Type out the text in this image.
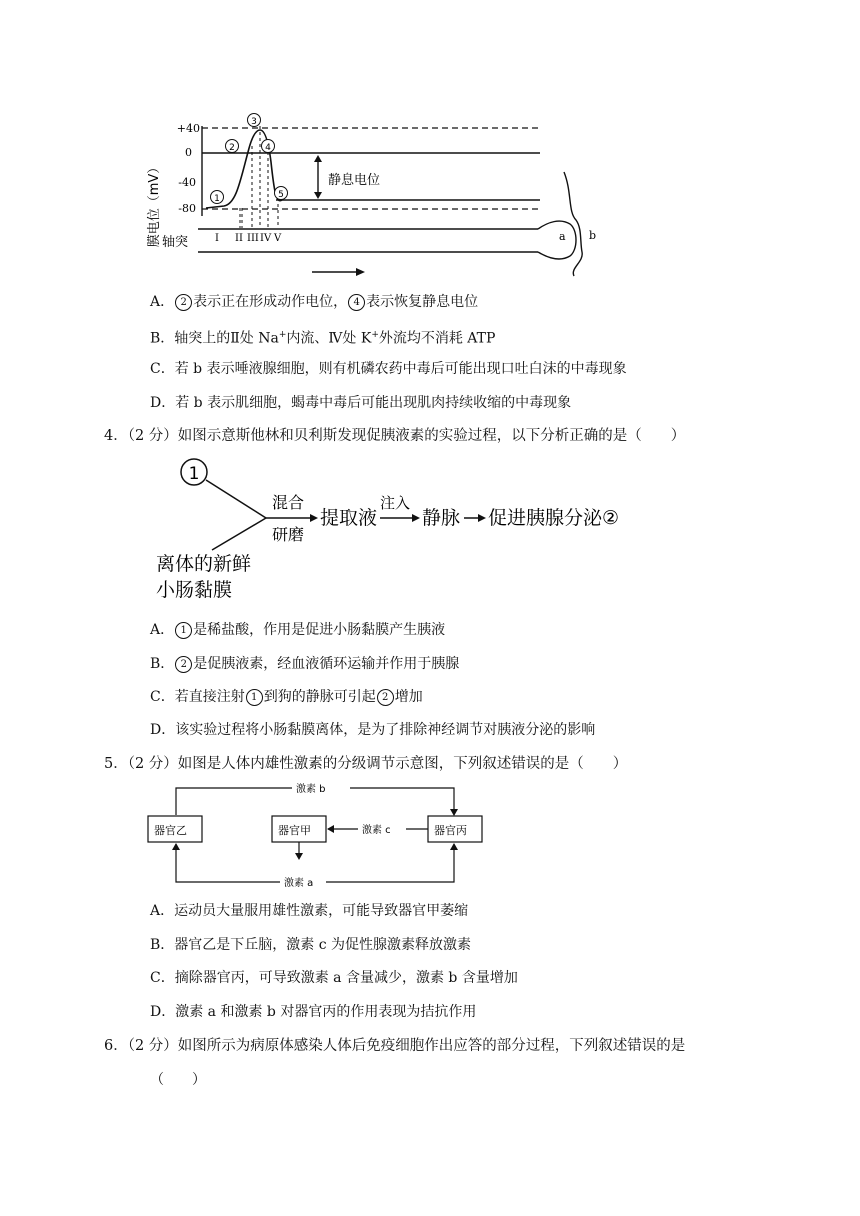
膜电位（mV）
+40
0
-40
-80
1
2
3
4
5
静息电位
I II III IV V
轴突	a b
A． 2 表示正在形成动作电位， 4 表示恢复静息电位
B．轴突上的Ⅱ处 Na+内流、Ⅳ处 K+外流均不消耗 ATP
C．若 b 表示唾液腺细胞，则有机磷农药中毒后可能出现口吐白沫的中毒现象
D．若 b 表示肌细胞，蝎毒中毒后可能出现肌肉持续收缩的中毒现象
4．（2 分）如图示意斯他林和贝利斯发现促胰液素的实验过程，以下分析正确的是（　　）
1
混合
研磨
提取液
注入
静脉 促进胰腺分泌②
离体的新鲜
小肠黏膜
A． 1 是稀盐酸，作用是促进小肠黏膜产生胰液
B． 2 是促胰液素，经血液循环运输并作用于胰腺
C．若直接注射 1 到狗的静脉可引起 2 增加
D．该实验过程将小肠黏膜离体，是为了排除神经调节对胰液分泌的影响
5．（2 分）如图是人体内雄性激素的分级调节示意图，下列叙述错误的是（　　）
激素 b
器官乙	器官甲	器官丙
激素 c
激素 a
A．运动员大量服用雄性激素，可能导致器官甲萎缩
B．器官乙是下丘脑，激素 c 为促性腺激素释放激素
C．摘除器官丙，可导致激素 a 含量减少，激素 b 含量增加
D．激素 a 和激素 b 对器官丙的作用表现为拮抗作用
6．（2 分）如图所示为病原体感染人体后免疫细胞作出应答的部分过程，下列叙述错误的是
（　　）
